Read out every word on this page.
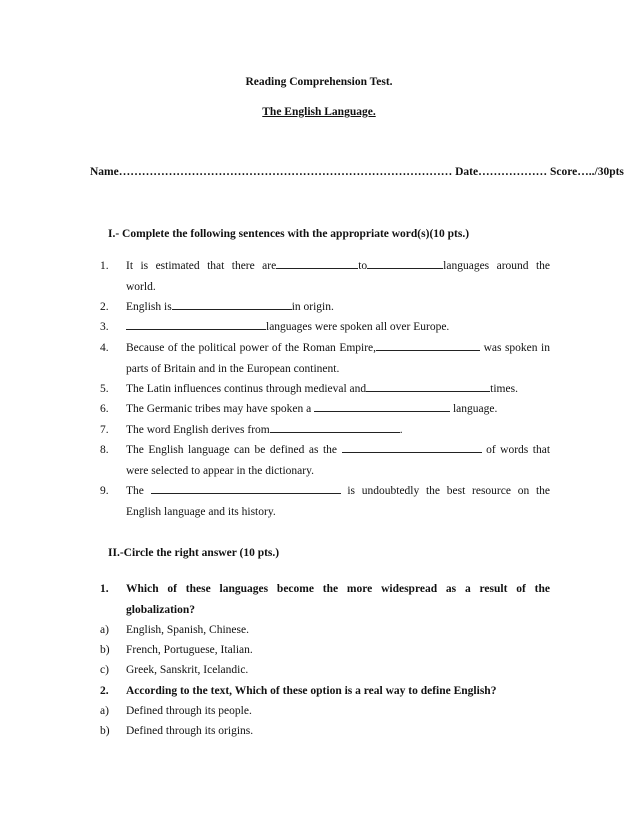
Reading Comprehension Test.
The English Language.
Name…………………………………………………………………………… Date……………… Score…../30pts
I.- Complete the following sentences with the appropriate word(s)(10 pts.)
1.	It is estimated that there are	to	languages around the world.
2.	English is	in origin.
3.	languages were spoken all over Europe.
4.	Because of the political power of the Roman Empire,	was spoken in parts of Britain and in the European continent.
5.	The Latin influences continus through medieval and	times.
6.	The Germanic tribes may have spoken a	language.
7.	The word English derives from	.
8.	The English language can be defined as the	of words that were selected to appear in the dictionary.
9.	The	is undoubtedly the best resource on the English language and its history.
II.-Circle the right answer (10 pts.)
1.	Which of these languages become the more widespread as a result of the globalization?
a)	English, Spanish, Chinese.
b)	French, Portuguese, Italian.
c)	Greek, Sanskrit, Icelandic.
2.	According to the text, Which of these option is a real way to define English?
a)	Defined through its people.
b)	Defined through its origins.
